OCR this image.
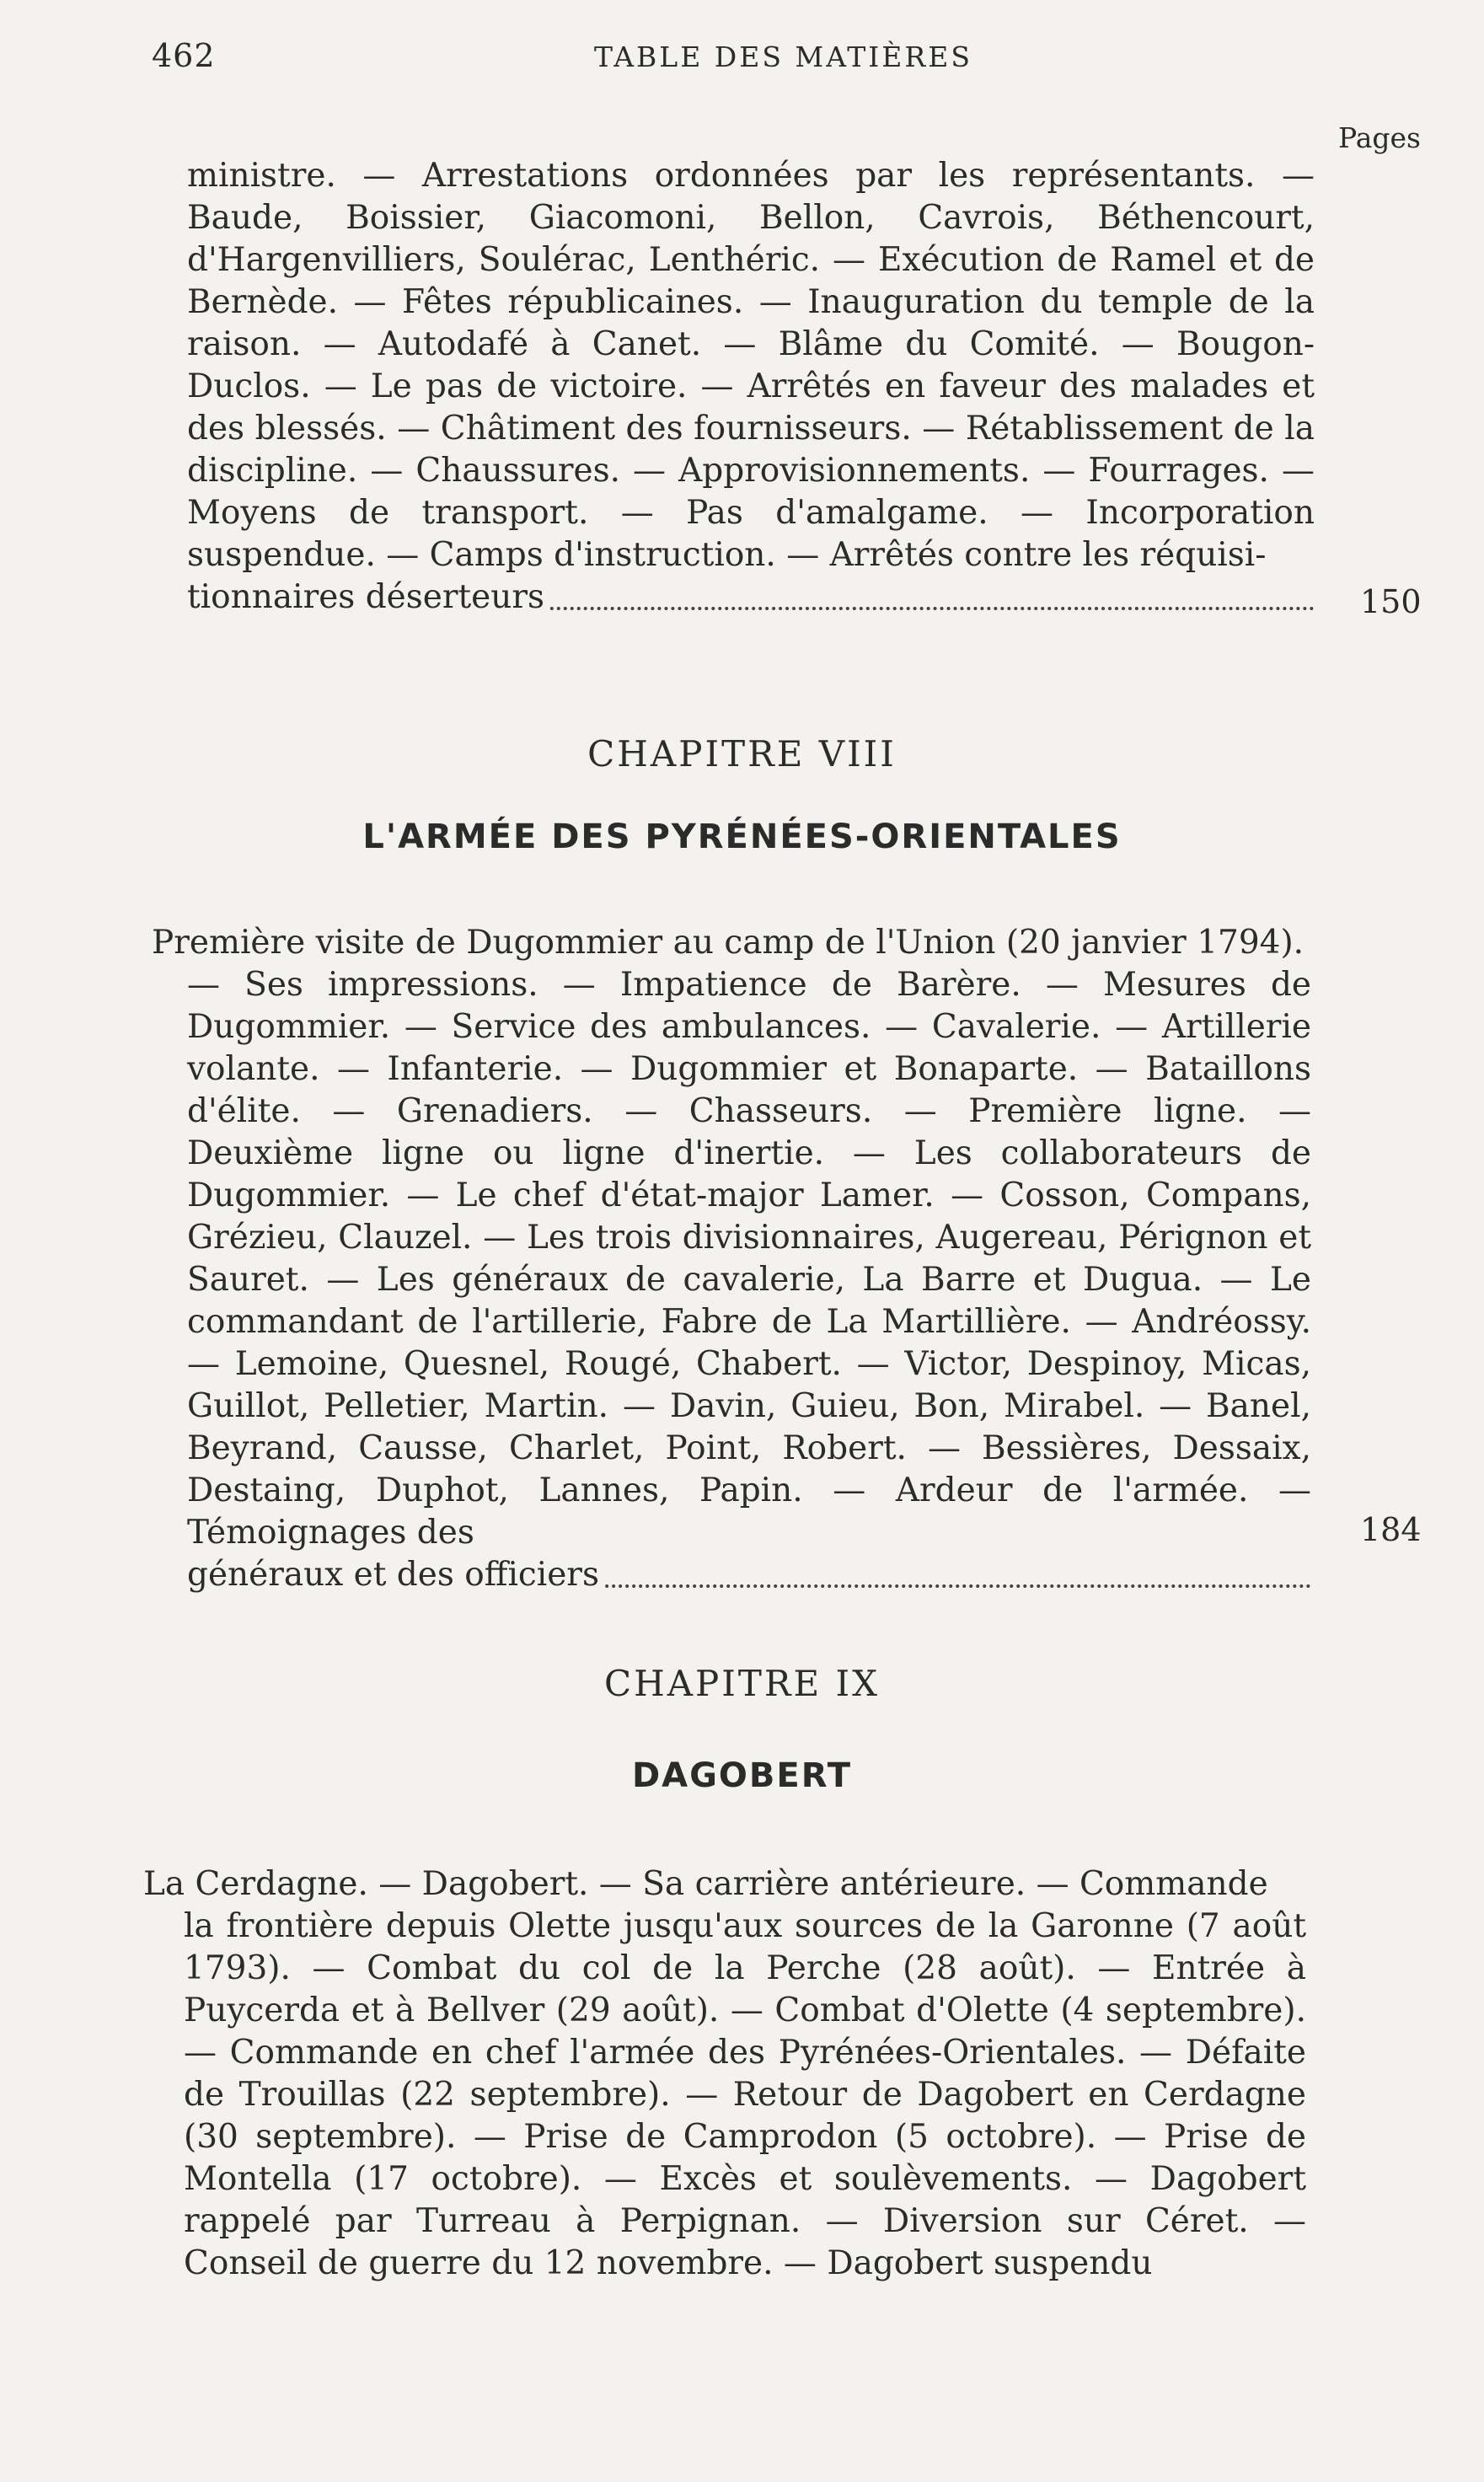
462	TABLE DES MATIÈRES
Pages
ministre. — Arrestations ordonnées par les représentants. — Baude, Boissier, Giacomoni, Bellon, Cavrois, Béthencourt, d'Hargenvilliers, Soulérac, Lenthéric. — Exécution de Ramel et de Bernède. — Fêtes républicaines. — Inauguration du temple de la raison. — Autodafé à Canet. — Blâme du Comité. — Bougon-Duclos. — Le pas de victoire. — Arrêtés en faveur des malades et des blessés. — Châtiment des fournisseurs. — Rétablissement de la discipline. — Chaussures. — Approvisionnements. — Fourrages. — Moyens de transport. — Pas d'amalgame. — Incorporation suspendue. — Camps d'instruction. — Arrêtés contre les réquisi-
tionnaires déserteurs	150
CHAPITRE VIII
L'ARMÉE DES PYRÉNÉES-ORIENTALES
Première visite de Dugommier au camp de l'Union (20 janvier 1794).
— Ses impressions. — Impatience de Barère. — Mesures de Dugommier. — Service des ambulances. — Cavalerie. — Artillerie volante. — Infanterie. — Dugommier et Bonaparte. — Bataillons d'élite. — Grenadiers. — Chasseurs. — Première ligne. — Deuxième ligne ou ligne d'inertie. — Les collaborateurs de Dugommier. — Le chef d'état-major Lamer. — Cosson, Compans, Grézieu, Clauzel. — Les trois divisionnaires, Augereau, Pérignon et Sauret. — Les généraux de cavalerie, La Barre et Dugua. — Le commandant de l'artillerie, Fabre de La Martillière. — Andréossy. — Lemoine, Quesnel, Rougé, Chabert. — Victor, Despinoy, Micas, Guillot, Pelletier, Martin. — Davin, Guieu, Bon, Mirabel. — Banel, Beyrand, Causse, Charlet, Point, Robert. — Bessières, Dessaix, Destaing, Duphot, Lannes, Papin. — Ardeur de l'armée. — Témoignages des
généraux et des officiers
184
CHAPITRE IX
DAGOBERT
La Cerdagne. — Dagobert. — Sa carrière antérieure. — Commande
la frontière depuis Olette jusqu'aux sources de la Garonne (7 août 1793). — Combat du col de la Perche (28 août). — Entrée à Puycerda et à Bellver (29 août). — Combat d'Olette (4 septembre). — Commande en chef l'armée des Pyrénées-Orientales. — Défaite de Trouillas (22 septembre). — Retour de Dagobert en Cerdagne (30 septembre). — Prise de Camprodon (5 octobre). — Prise de Montella (17 octobre). — Excès et soulèvements. — Dagobert rappelé par Turreau à Perpignan. — Diversion sur Céret. — Conseil de guerre du 12 novembre. — Dagobert suspendu
